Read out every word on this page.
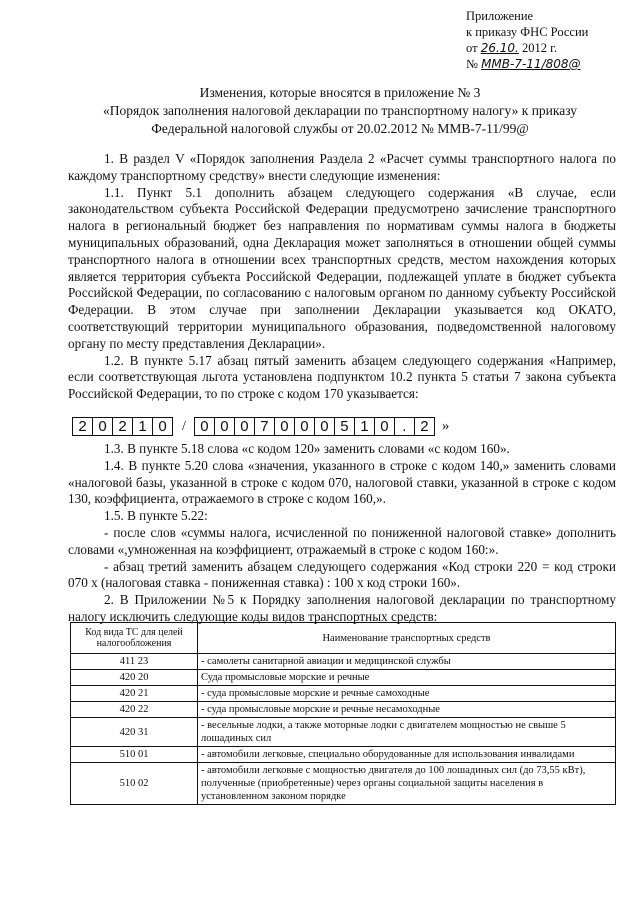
Приложение
к приказу ФНС России
от 26.10. 2012 г.
№ ММВ-7-11/808@
Изменения, которые вносятся в приложение № 3
«Порядок заполнения налоговой декларации по транспортному налогу» к приказу
Федеральной налоговой службы от 20.02.2012 № ММВ-7-11/99@

1. В раздел V «Порядок заполнения Раздела 2 «Расчет суммы транспортного налога по каждому транспортному средству» внести следующие изменения:

1.1. Пункт 5.1 дополнить абзацем следующего содержания «В случае, если законодательством субъекта Российской Федерации предусмотрено зачисление транспортного налога в региональный бюджет без направления по нормативам суммы налога в бюджеты муниципальных образований, одна Декларация может заполняться в отношении общей суммы транспортного налога в отношении всех транспортных средств, местом нахождения которых является территория субъекта Российской Федерации, подлежащей уплате в бюджет субъекта Российской Федерации, по согласованию с налоговым органом по данному субъекту Российской Федерации. В этом случае при заполнении Декларации указывается код ОКАТО, соответствующий территории муниципального образования, подведомственной налоговому органу по месту представления Декларации».

1.2. В пункте 5.17 абзац пятый заменить абзацем следующего содержания «Например, если соответствующая льгота установлена подпунктом 10.2 пункта 5 статьи 7 закона субъекта Российской Федерации, то по строке с кодом 170 указывается:

2 0 2 1 0	/ 0 0 0 7 0 0 0 5 1 0 . 2 »

1.3. В пункте 5.18 слова «с кодом 120» заменить словами «с кодом 160».

1.4. В пункте 5.20 слова «значения, указанного в строке с кодом 140,» заменить словами «налоговой базы, указанной в строке с кодом 070, налоговой ставки, указанной в строке с кодом 130, коэффициента, отражаемого в строке с кодом 160,».

1.5. В пункте 5.22:

- после слов «суммы налога, исчисленной по пониженной налоговой ставке» дополнить словами «,умноженная на коэффициент, отражаемый в строке с кодом 160:».

- абзац третий заменить абзацем следующего содержания «Код строки 220 = код строки 070 х (налоговая ставка - пониженная ставка) : 100 х код строки 160».

2. В Приложении №5 к Порядку заполнения налоговой декларации по транспортному налогу исключить следующие коды видов транспортных средств:

Код вида ТС для целей налогообложения	Наименование транспортных средств
411 23	- самолеты санитарной авиации и медицинской службы
420 20	Суда промысловые морские и речные
420 21	- суда промысловые морские и речные самоходные
420 22	- суда промысловые морские и речные несамоходные
420 31	- весельные лодки, а также моторные лодки с двигателем мощностью не свыше 5 лошадиных сил
510 01	- автомобили легковые, специально оборудованные для использования инвалидами
510 02	- автомобили легковые с мощностью двигателя до 100 лошадиных сил (до 73,55 кВт), полученные (приобретенные) через органы социальной защиты населения в установленном законом порядке
